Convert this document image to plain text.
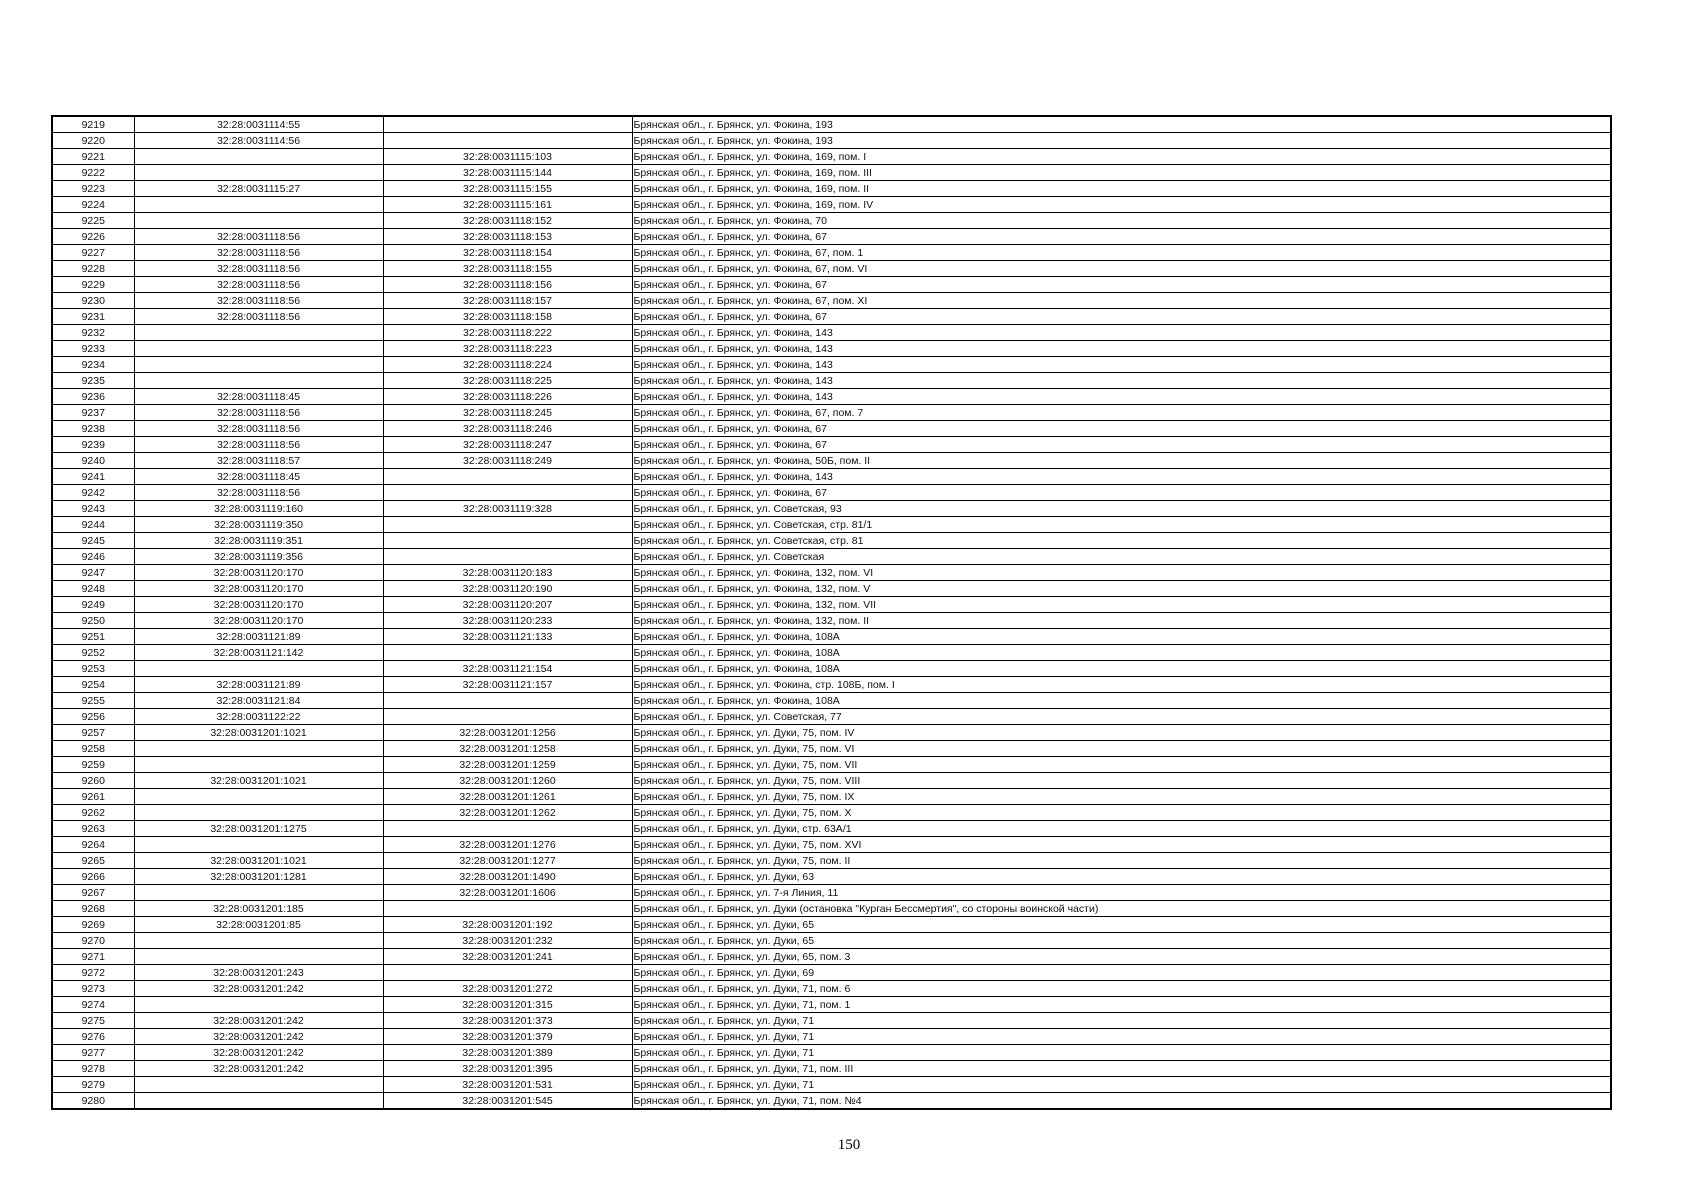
9219	32:28:0031114:55		Брянская обл., г. Брянск, ул. Фокина, 193
9220	32:28:0031114:56		Брянская обл., г. Брянск, ул. Фокина, 193
9221		32:28:0031115:103	Брянская обл., г. Брянск, ул. Фокина, 169, пом. I
9222		32:28:0031115:144	Брянская обл., г. Брянск, ул. Фокина, 169, пом. III
9223	32:28:0031115:27	32:28:0031115:155	Брянская обл., г. Брянск, ул. Фокина, 169, пом. II
9224		32:28:0031115:161	Брянская обл., г. Брянск, ул. Фокина, 169, пом. IV
9225		32:28:0031118:152	Брянская обл., г. Брянск, ул. Фокина, 70
9226	32:28:0031118:56	32:28:0031118:153	Брянская обл., г. Брянск, ул. Фокина, 67
9227	32:28:0031118:56	32:28:0031118:154	Брянская обл., г. Брянск, ул. Фокина, 67, пом. 1
9228	32:28:0031118:56	32:28:0031118:155	Брянская обл., г. Брянск, ул. Фокина, 67, пом. VI
9229	32:28:0031118:56	32:28:0031118:156	Брянская обл., г. Брянск, ул. Фокина, 67
9230	32:28:0031118:56	32:28:0031118:157	Брянская обл., г. Брянск, ул. Фокина, 67, пом. XI
9231	32:28:0031118:56	32:28:0031118:158	Брянская обл., г. Брянск, ул. Фокина, 67
9232		32:28:0031118:222	Брянская обл., г. Брянск, ул. Фокина, 143
9233		32:28:0031118:223	Брянская обл., г. Брянск, ул. Фокина, 143
9234		32:28:0031118:224	Брянская обл., г. Брянск, ул. Фокина, 143
9235		32:28:0031118:225	Брянская обл., г. Брянск, ул. Фокина, 143
9236	32:28:0031118:45	32:28:0031118:226	Брянская обл., г. Брянск, ул. Фокина, 143
9237	32:28:0031118:56	32:28:0031118:245	Брянская обл., г. Брянск, ул. Фокина, 67, пом. 7
9238	32:28:0031118:56	32:28:0031118:246	Брянская обл., г. Брянск, ул. Фокина, 67
9239	32:28:0031118:56	32:28:0031118:247	Брянская обл., г. Брянск, ул. Фокина, 67
9240	32:28:0031118:57	32:28:0031118:249	Брянская обл., г. Брянск, ул. Фокина, 50Б, пом. II
9241	32:28:0031118:45		Брянская обл., г. Брянск, ул. Фокина, 143
9242	32:28:0031118:56		Брянская обл., г. Брянск, ул. Фокина, 67
9243	32:28:0031119:160	32:28:0031119:328	Брянская обл., г. Брянск, ул. Советская, 93
9244	32:28:0031119:350		Брянская обл., г. Брянск, ул. Советская, стр. 81/1
9245	32:28:0031119:351		Брянская обл., г. Брянск, ул. Советская, стр. 81
9246	32:28:0031119:356		Брянская обл., г. Брянск, ул. Советская
9247	32:28:0031120:170	32:28:0031120:183	Брянская обл., г. Брянск, ул. Фокина, 132, пом. VI
9248	32:28:0031120:170	32:28:0031120:190	Брянская обл., г. Брянск, ул. Фокина, 132, пом. V
9249	32:28:0031120:170	32:28:0031120:207	Брянская обл., г. Брянск, ул. Фокина, 132, пом. VII
9250	32:28:0031120:170	32:28:0031120:233	Брянская обл., г. Брянск, ул. Фокина, 132, пом. II
9251	32:28:0031121:89	32:28:0031121:133	Брянская обл., г. Брянск, ул. Фокина, 108А
9252	32:28:0031121:142		Брянская обл., г. Брянск, ул. Фокина, 108А
9253		32:28:0031121:154	Брянская обл., г. Брянск, ул. Фокина, 108А
9254	32:28:0031121:89	32:28:0031121:157	Брянская обл., г. Брянск, ул. Фокина, стр. 108Б, пом. I
9255	32:28:0031121:84		Брянская обл., г. Брянск, ул. Фокина, 108А
9256	32:28:0031122:22		Брянская обл., г. Брянск, ул. Советская, 77
9257	32:28:0031201:1021	32:28:0031201:1256	Брянская обл., г. Брянск, ул. Дуки, 75, пом. IV
9258		32:28:0031201:1258	Брянская обл., г. Брянск, ул. Дуки, 75, пом. VI
9259		32:28:0031201:1259	Брянская обл., г. Брянск, ул. Дуки, 75, пом. VII
9260	32:28:0031201:1021	32:28:0031201:1260	Брянская обл., г. Брянск, ул. Дуки, 75, пом. VIII
9261		32:28:0031201:1261	Брянская обл., г. Брянск, ул. Дуки, 75, пом. IX
9262		32:28:0031201:1262	Брянская обл., г. Брянск, ул. Дуки, 75, пом. X
9263	32:28:0031201:1275		Брянская обл., г. Брянск, ул. Дуки, стр. 63А/1
9264		32:28:0031201:1276	Брянская обл., г. Брянск, ул. Дуки, 75, пом. XVI
9265	32:28:0031201:1021	32:28:0031201:1277	Брянская обл., г. Брянск, ул. Дуки, 75, пом. II
9266	32:28:0031201:1281	32:28:0031201:1490	Брянская обл., г. Брянск, ул. Дуки, 63
9267		32:28:0031201:1606	Брянская обл., г. Брянск, ул. 7-я Линия, 11
9268	32:28:0031201:185		Брянская обл., г. Брянск, ул. Дуки (остановка "Курган Бессмертия", со стороны воинской части)
9269	32:28:0031201:85	32:28:0031201:192	Брянская обл., г. Брянск, ул. Дуки, 65
9270		32:28:0031201:232	Брянская обл., г. Брянск, ул. Дуки, 65
9271		32:28:0031201:241	Брянская обл., г. Брянск, ул. Дуки, 65, пом. 3
9272	32:28:0031201:243		Брянская обл., г. Брянск, ул. Дуки, 69
9273	32:28:0031201:242	32:28:0031201:272	Брянская обл., г. Брянск, ул. Дуки, 71, пом. 6
9274		32:28:0031201:315	Брянская обл., г. Брянск, ул. Дуки, 71, пом. 1
9275	32:28:0031201:242	32:28:0031201:373	Брянская обл., г. Брянск, ул. Дуки, 71
9276	32:28:0031201:242	32:28:0031201:379	Брянская обл., г. Брянск, ул. Дуки, 71
9277	32:28:0031201:242	32:28:0031201:389	Брянская обл., г. Брянск, ул. Дуки, 71
9278	32:28:0031201:242	32:28:0031201:395	Брянская обл., г. Брянск, ул. Дуки, 71, пом. III
9279		32:28:0031201:531	Брянская обл., г. Брянск, ул. Дуки, 71
9280		32:28:0031201:545	Брянская обл., г. Брянск, ул. Дуки, 71, пом. №4
150
